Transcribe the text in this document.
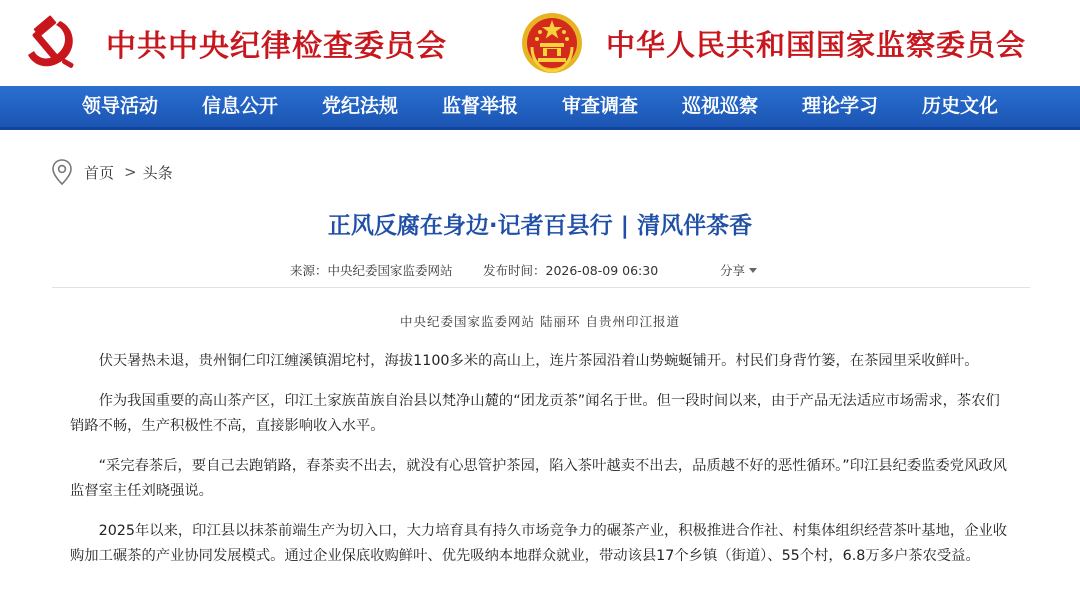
中共中央纪律检查委员会	中华人民共和国国家监察委员会
领导活动	信息公开	党纪法规	监督举报	审查调查	巡视巡察	理论学习	历史文化
首页 > 头条
正风反腐在身边·记者百县行 | 清风伴茶香
来源：中央纪委国家监委网站 发布时间：2026-08-09 06:30	分享
中央纪委国家监委网站 陆丽环 自贵州印江报道

伏天暑热未退，贵州铜仁印江缠溪镇湄坨村，海拔1100多米的高山上，连片茶园沿着山势蜿蜒铺开。村民们身背竹篓，在茶园里采收鲜叶。

作为我国重要的高山茶产区，印江土家族苗族自治县以梵净山麓的“团龙贡茶”闻名于世。但一段时间以来，由于产品无法适应市场需求，茶农们销路不畅，生产积极性不高，直接影响收入水平。

“采完春茶后，要自己去跑销路，春茶卖不出去，就没有心思管护茶园，陷入茶叶越卖不出去，品质越不好的恶性循环。”印江县纪委监委党风政风监督室主任刘晓强说。

2025年以来，印江县以抹茶前端生产为切入口，大力培育具有持久市场竞争力的碾茶产业，积极推进合作社、村集体组织经营茶叶基地，企业收购加工碾茶的产业协同发展模式。通过企业保底收购鲜叶、优先吸纳本地群众就业，带动该县17个乡镇（街道）、55个村，6.8万多户茶农受益。
